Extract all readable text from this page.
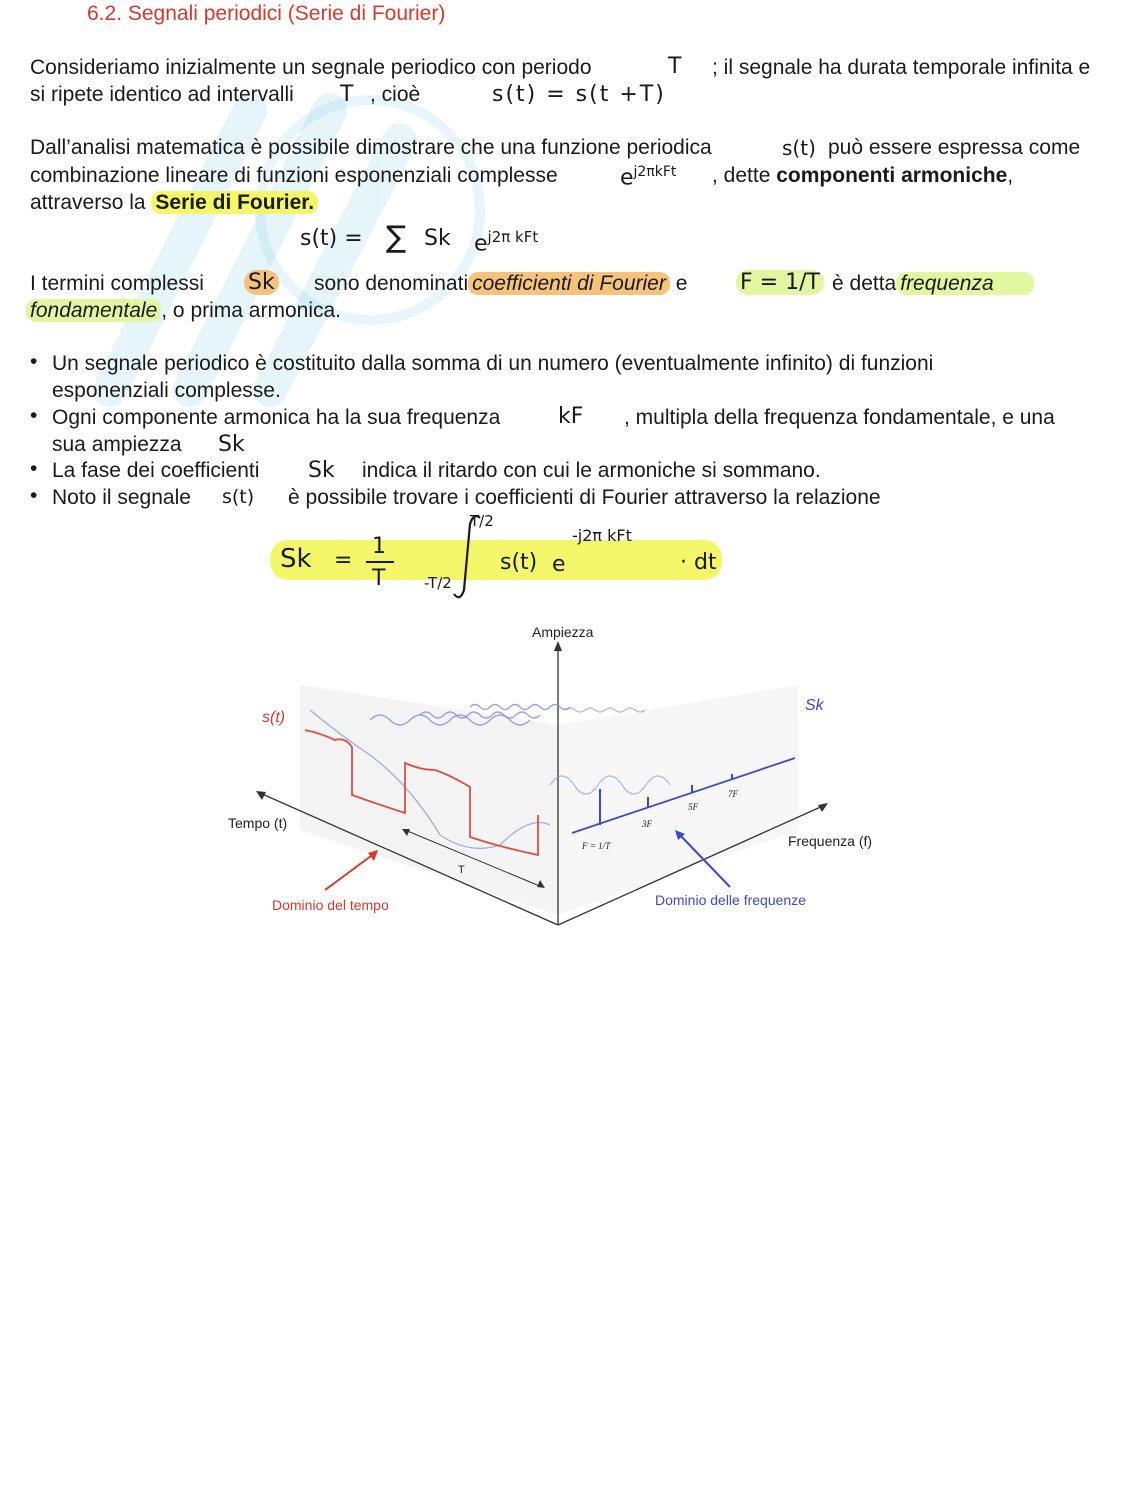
6.2. Segnali periodici (Serie di Fourier)
Consideriamo inizialmente un segnale periodico con periodo	T ; il segnale ha durata temporale infinita e
si ripete identico ad intervalli T , cioè	s(t) = s(t +T)
Dall’analisi matematica è possibile dimostrare che una funzione periodica	s(t) può essere espressa come
combinazione lineare di funzioni esponenziali complesse	$e^{j2\pi kFt}$ , dette componenti armoniche,
attraverso la Serie di Fourier.
s(t) = ∑ Sk $e^{j2\pi kFt}$
I termini complessi Sk sono denominati coefficienti di Fourier e F = 1/T è detta frequenza
fondamentale , o prima armonica.
• Un segnale periodico è costituito dalla somma di un numero (eventualmente infinito) di funzioni
esponenziali complesse.
• Ogni componente armonica ha la sua frequenza	kF , multipla della frequenza fondamentale, e una
sua ampiezza Sk
• La fase dei coefficienti Sk indica il ritardo con cui le armoniche si sommano.
• Noto il segnale s(t) è possibile trovare i coefficienti di Fourier attraverso la relazione
Sk =
1
T
T/2
-T/2
s(t) e
-j2π kFt
· dt
Ampiezza
s(t)
Sk
Tempo (t)
Frequenza (f)
T
F = 1/T
3F
5F
7F
Dominio del tempo	Dominio delle frequenze
